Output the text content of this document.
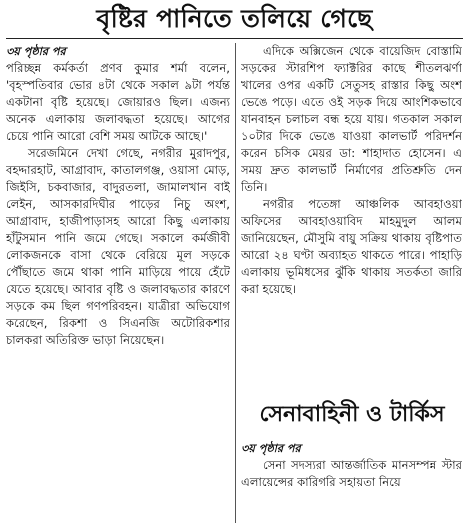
বৃষ্টির পানিতে তলিয়ে গেছে
৩য় পৃষ্ঠার পর

পরিচ্ছন্ন কর্মকর্তা প্রণব কুমার শর্মা বলেন, 'বৃহস্পতিবার ভোর ৪টা থেকে সকাল ৯টা পর্যন্ত একটানা বৃষ্টি হয়েছে। জোয়ারও ছিল। এজন্য অনেক এলাকায় জলাবদ্ধতা হয়েছে। আগের চেয়ে পানি আরো বেশি সময় আটকে আছে।'

সরেজমিনে দেখা গেছে, নগরীর মুরাদপুর, বহদ্দারহাট, আগ্রাবাদ, কাতালগঞ্জ, ওয়াসা মোড়, জিইসি, চকবাজার, বাদুরতলা, জামালখান বাই লেইন, আসকারদিঘীর পাড়ের নিচু অংশ, আগ্রাবাদ, হাজীপাড়াসহ আরো কিছু এলাকায় হাঁটুসমান পানি জমে গেছে। সকালে কর্মজীবী লোকজনকে বাসা থেকে বেরিয়ে মূল সড়কে পৌঁছাতে জমে থাকা পানি মাড়িয়ে পায়ে হেঁটে যেতে হয়েছে। আবার বৃষ্টি ও জলাবদ্ধতার কারণে সড়কে কম ছিল গণপরিবহন। যাত্রীরা অভিযোগ করেছেন, রিকশা ও সিএনজি অটোরিকশার চালকরা অতিরিক্ত ভাড়া নিয়েছেন।

এদিকে অক্সিজেন থেকে বায়েজিদ বোস্তামি সড়কের স্টারশিপ ফ্যাক্টরির কাছে শীতলঝর্ণা খালের ওপর একটি সেতুসহ রাস্তার কিছু অংশ ভেঙে পড়ে। এতে ওই সড়ক দিয়ে আংশিকভাবে যানবাহন চলাচল বন্ধ হয়ে যায়। গতকাল সকাল ১০টার দিকে ভেঙে যাওয়া কালভার্ট পরিদর্শন করেন চসিক মেয়র ডা: শাহাদাত হোসেন। এ সময় দ্রুত কালভার্ট নির্মাণের প্রতিশ্রুতি দেন তিনি।

নগরীর পতেঙ্গা আঞ্চলিক আবহাওয়া অফিসের আবহাওয়াবিদ মাহমুদুল আলম জানিয়েছেন, মৌসুমি বায়ু সক্রিয় থাকায় বৃষ্টিপাত আরো ২৪ ঘণ্টা অব্যাহত থাকতে পারে। পাহাড়ি এলাকায় ভূমিধসের ঝুঁকি থাকায় সতর্কতা জারি করা হয়েছে।

সেনাবাহিনী ও টার্কিস
৩য় পৃষ্ঠার পর

সেনা সদস্যরা আন্তর্জাতিক মানসম্পন্ন স্টার এলায়েন্সের কারিগরি সহায়তা নিয়ে
